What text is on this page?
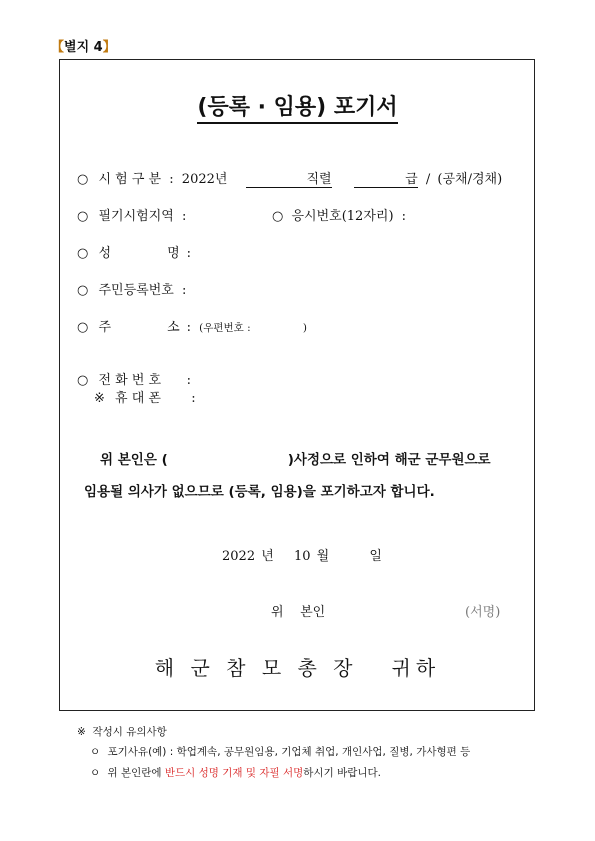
【별지 4】
(등록 · 임용) 포기서
○ 시 험 구 분 : 2022년	직렬	급 / (공채/경채)
○ 필기시험지역 :	○ 응시번호(12자리) :
○ 성 명 :
○ 주민등록번호 :
○ 주 소 : (우편번호 :	)
○ 전 화 번 호 :
※ 휴 대 폰 :
위 본인은 (	)사정으로 인하여 해군 군무원으로
임용될 의사가 없으므로 (등록, 임용)을 포기하고자 합니다.
2022 년 10 월	일
위    본인	(서명)
해 군 참 모 총 장   귀하
※  작성시 유의사항
ㅇ 포기사유(예) : 학업계속, 공무원임용, 기업체 취업, 개인사업, 질병, 가사형편 등
ㅇ 위 본인란에 반드시 성명 기재 및 자필 서명하시기 바랍니다.
